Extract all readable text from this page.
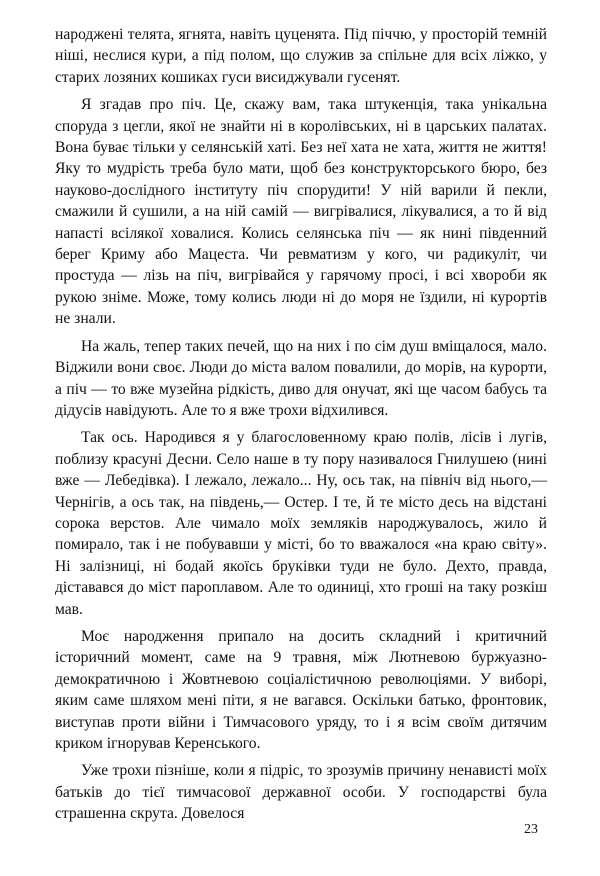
народжені телята, ягнята, навіть цуценята. Під піччю, у просторій темній ніші, неслися кури, а під полом, що служив за спільне для всіх ліжко, у старих лозяних кошиках гуси висиджували гусенят.

Я згадав про піч. Це, скажу вам, така штукенція, така унікальна споруда з цегли, якої не знайти ні в королівських, ні в царських палатах. Вона буває тільки у селянській хаті. Без неї хата не хата, життя не життя! Яку то мудрість треба було мати, щоб без конструкторського бюро, без науково-дослідного інституту піч спорудити! У ній варили й пекли, смажили й сушили, а на ній самій — вигрівалися, лікувалися, а то й від напасті всілякої ховалися. Колись селянська піч — як нині південний берег Криму або Мацеста. Чи ревматизм у кого, чи радикуліт, чи простуда — лізь на піч, вигрівайся у гарячому просі, і всі хвороби як рукою зніме. Може, тому колись люди ні до моря не їздили, ні курортів не знали.

На жаль, тепер таких печей, що на них і по сім душ вміщалося, мало. Віджили вони своє. Люди до міста валом повалили, до морів, на курорти, а піч — то вже музейна рідкість, диво для онучат, які ще часом бабусь та дідусів навідують. Але то я вже трохи відхилився.

Так ось. Народився я у благословенному краю полів, лісів і лугів, поблизу красуні Десни. Село наше в ту пору називалося Гнилушею (нині вже — Лебедівка). І лежало, лежало... Ну, ось так, на північ від нього,— Чернігів, а ось так, на південь,— Остер. І те, й те місто десь на відстані сорока верстов. Але чимало моїх земляків народжувалось, жило й помирало, так і не побувавши у місті, бо то вважалося «на краю світу». Ні залізниці, ні бодай якоїсь бруківки туди не було. Дехто, правда, діставався до міст пароплавом. Але то одиниці, хто гроші на таку розкіш мав.

Моє народження припало на досить складний і критичний історичний момент, саме на 9 травня, між Лютневою буржуазно-демократичною і Жовтневою соціалістичною революціями. У виборі, яким саме шляхом мені піти, я не вагався. Оскільки батько, фронтовик, виступав проти війни і Тимчасового уряду, то і я всім своїм дитячим криком ігнорував Керенського.

Уже трохи пізніше, коли я підріс, то зрозумів причину ненависті моїх батьків до тієї тимчасової державної особи. У господарстві була страшенна скрута. Довелося

23
